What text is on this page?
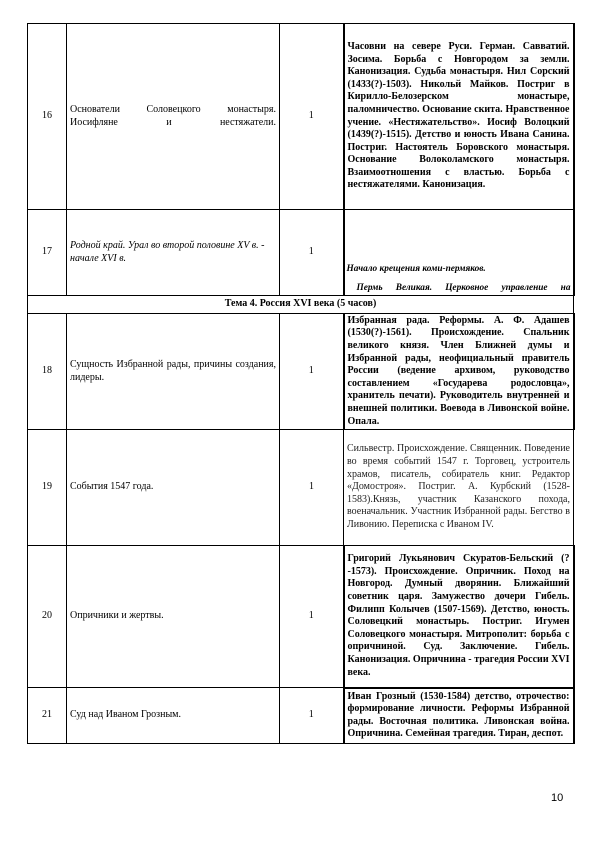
16	Основатели Соловецкого монастыря. Иосифляне и нестяжатели.	1	Часовни на севере Руси. Герман. Савватий. Зосима. Борьба с Новгородом за земли. Канонизация. Судьба монастыря. Нил Сорский (1433(?)-1503). Никольй Майков. Постриг в Кирилло-Белозерском монастыре, паломничество. Основание скита. Нравственное учение. «Нестяжательство». Иосиф Волоцкий (1439(?)-1515). Детство и юность Ивана Санина. Постриг. Настоятель Боровского монастыря. Основание Волоколамского монастыря. Взаимоотношения с властью. Борьба с нестяжателями. Канонизация.
17	Родной край. Урал во второй половине XV в. - начале XVI в.	1	Начало крещения коми-пермяков.
Пермь Великая. Церковное управление на

Тема 4. Россия XVI века (5 часов)			
18	Сущность Избранной рады, причины создания, лидеры.	1	Избранная рада. Реформы. А. Ф. Адашев (1530(?)-1561). Происхождение. Спальник великого князя. Член Ближней думы и Избранной рады, неофициальный правитель России (ведение архивом, руководство составлением «Государева родословца», хранитель печати). Руководитель внутренней и внешней политики. Воевода в Ливонской войне. Опала.
19	События 1547 года.	1	Сильвестр. Происхождение. Священник. Поведение во время событий 1547 г. Торговец, устроитель храмов, писатель, собиратель книг. Редактор «Домостроя». Постриг. А. Курбский (1528-1583).Князь, участник Казанского похода, военачальник. Участник Избранной рады. Бегство в Ливонию. Переписка с Иваном IV.
20	Опричники и жертвы.	1	Григорий Лукьянович Скуратов-Бельский (?-1573). Происхождение. Опричник. Поход на Новгород. Думный дворянин. Ближайший советник царя. Замужество дочери Гибель. Филипп Колычев (1507-1569). Детство, юность. Соловецкий монастырь. Постриг. Игумен Соловецкого монастыря. Митрополит: борьба с опричниной. Суд. Заключение. Гибель. Канонизация. Опричнина - трагедия России XVI века.
21	Суд над Иваном Грозным.	1	Иван Грозный (1530-1584) детство, отрочество: формирование личности. Реформы Избранной рады. Восточная политика. Ливонская война. Опричнина. Семейная трагедия. Тиран, деспот.
10
